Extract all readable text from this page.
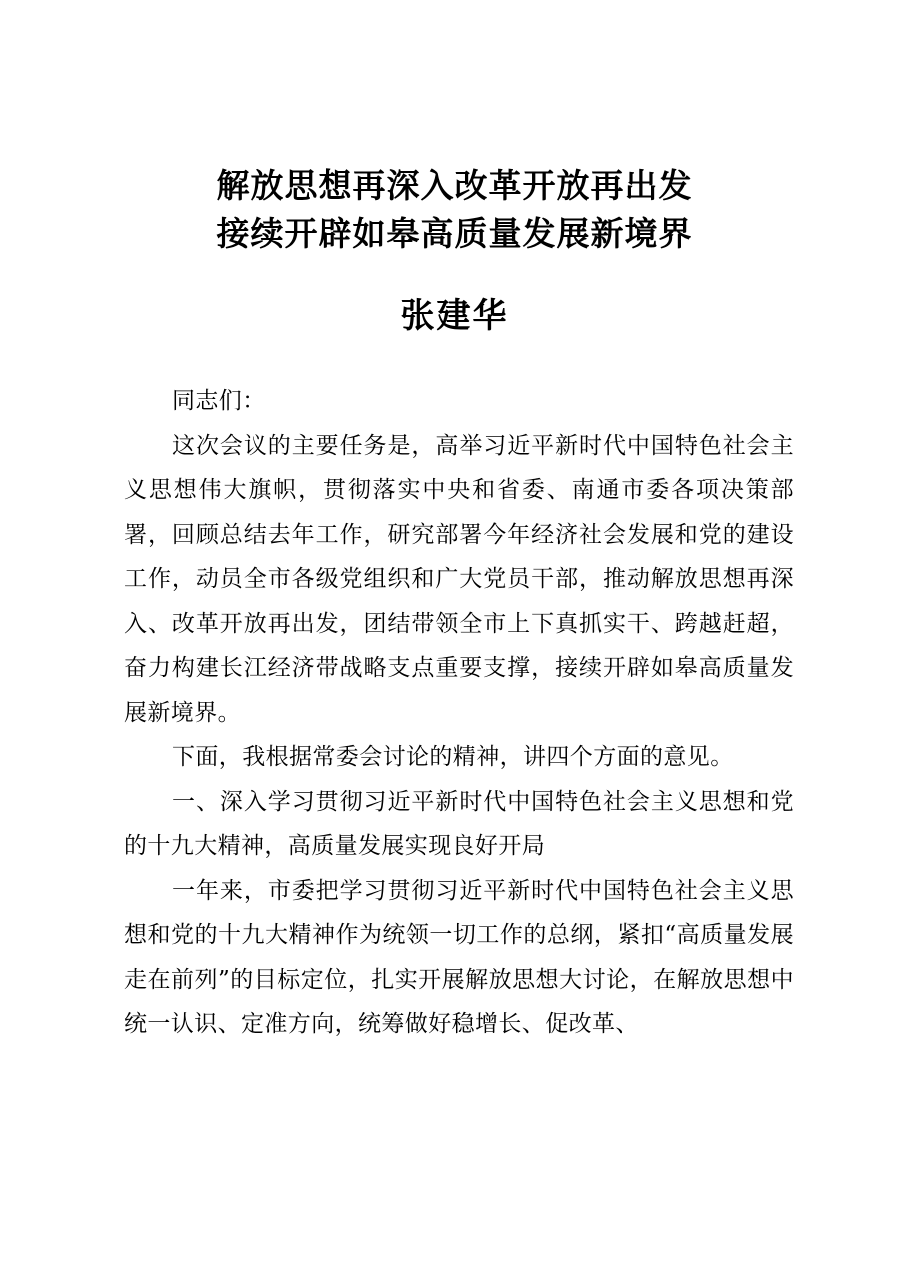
解放思想再深入改革开放再出发
接续开辟如皋高质量发展新境界
张建华

同志们：

这次会议的主要任务是，高举习近平新时代中国特色社会主义思想伟大旗帜，贯彻落实中央和省委、南通市委各项决策部署，回顾总结去年工作，研究部署今年经济社会发展和党的建设工作，动员全市各级党组织和广大党员干部，推动解放思想再深入、改革开放再出发，团结带领全市上下真抓实干、跨越赶超，奋力构建长江经济带战略支点重要支撑，接续开辟如皋高质量发展新境界。

下面，我根据常委会讨论的精神，讲四个方面的意见。

一、深入学习贯彻习近平新时代中国特色社会主义思想和党的十九大精神，高质量发展实现良好开局

一年来，市委把学习贯彻习近平新时代中国特色社会主义思想和党的十九大精神作为统领一切工作的总纲，紧扣“高质量发展走在前列”的目标定位，扎实开展解放思想大讨论，在解放思想中统一认识、定准方向，统筹做好稳增长、促改革、
